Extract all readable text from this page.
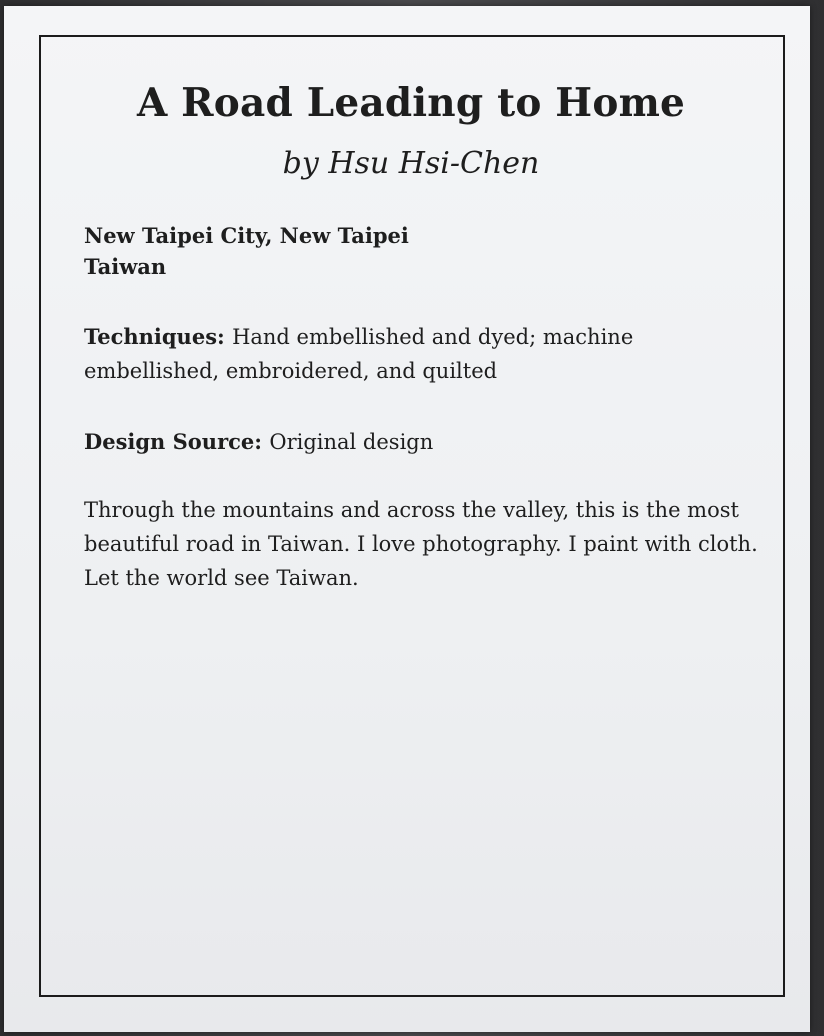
A Road Leading to Home
by Hsu Hsi-Chen
New Taipei City, New Taipei
Taiwan
Techniques: Hand embellished and dyed; machine embellished, embroidered, and quilted
Design Source: Original design
Through the mountains and across the valley, this is the most beautiful road in Taiwan. I love photography. I paint with cloth. Let the world see Taiwan.
